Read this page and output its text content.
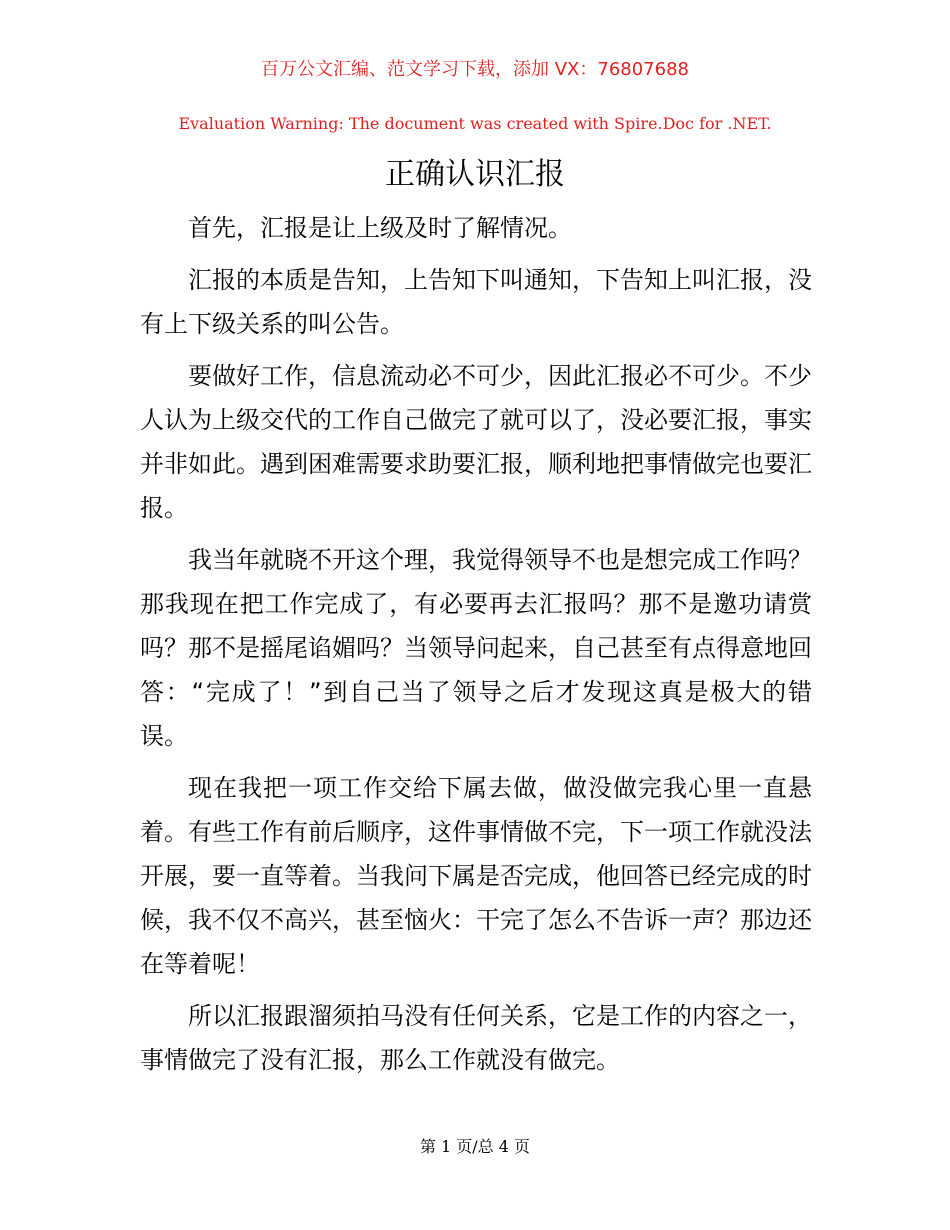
百万公文汇编、范文学习下载，添加 VX：76807688
Evaluation Warning: The document was created with Spire.Doc for .NET.
正确认识汇报

首先，汇报是让上级及时了解情况。

汇报的本质是告知，上告知下叫通知，下告知上叫汇报，没有上下级关系的叫公告。

要做好工作，信息流动必不可少，因此汇报必不可少。不少人认为上级交代的工作自己做完了就可以了，没必要汇报，事实并非如此。遇到困难需要求助要汇报，顺利地把事情做完也要汇报。

我当年就晓不开这个理，我觉得领导不也是想完成工作吗？那我现在把工作完成了，有必要再去汇报吗？那不是邀功请赏吗？那不是摇尾谄媚吗？当领导问起来，自己甚至有点得意地回答：“完成了！”到自己当了领导之后才发现这真是极大的错误。

现在我把一项工作交给下属去做，做没做完我心里一直悬着。有些工作有前后顺序，这件事情做不完，下一项工作就没法开展，要一直等着。当我问下属是否完成，他回答已经完成的时候，我不仅不高兴，甚至恼火：干完了怎么不告诉一声？那边还在等着呢！

所以汇报跟溜须拍马没有任何关系，它是工作的内容之一，事情做完了没有汇报，那么工作就没有做完。

第 1 页/总 4 页
